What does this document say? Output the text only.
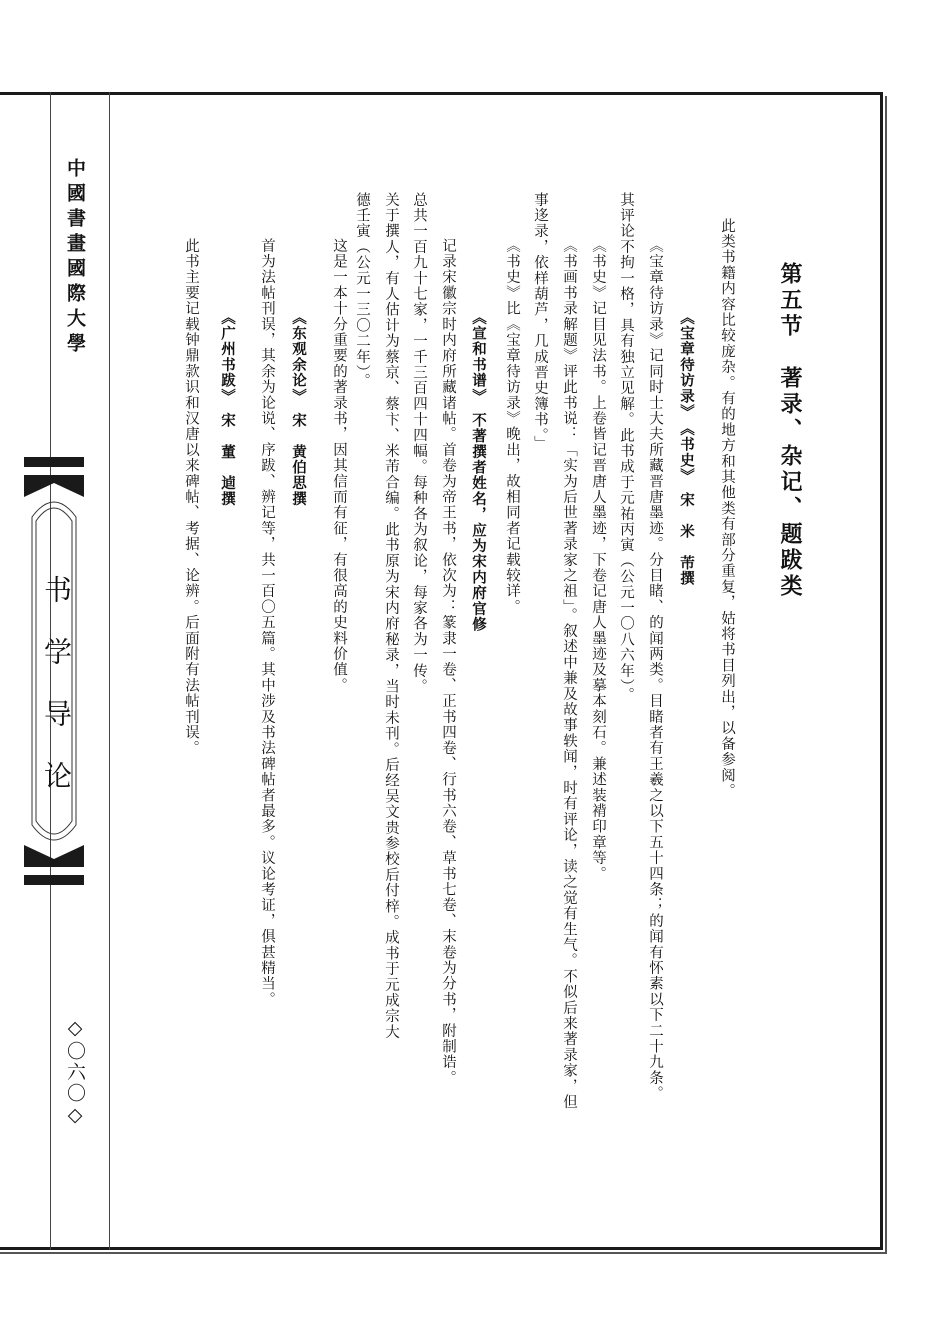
中國書畫國際大學
书学导论
◇〇六〇◇
第五节　著录、杂记、题跋类
此类书籍内容比较庞杂。有的地方和其他类有部分重复，姑将书目列出，以备参阅。
《宝章待访录》　《书史》　宋　米　芾撰
《宝章待访录》记同时士大夫所藏晋唐墨迹。分目睹、的闻两类。目睹者有王羲之以下五十四条；的闻有怀素以下二十九条。
其评论不拘一格，具有独立见解。此书成于元祐丙寅（公元一〇八六年）。
《书史》记目见法书。上卷皆记晋唐人墨迹，下卷记唐人墨迹及摹本刻石。兼述装褙印章等。
《书画书录解题》评此书说：「实为后世著录家之祖」。叙述中兼及故事轶闻，时有评论，读之觉有生气。不似后来著录家，但
事迻录，依样葫芦，几成晋史簿书。」
《书史》比《宝章待访录》晚出，故相同者记载较详。
《宣和书谱》　不著撰者姓名，应为宋内府官修
记录宋徽宗时内府所藏诸帖。首卷为帝王书，依次为：篆隶一卷、正书四卷、行书六卷、草书七卷、末卷为分书，附制诰。
总共一百九十七家，一千三百四十四幅。每种各为叙论，每家各为一传。
关于撰人，有人估计为蔡京、蔡卞、米芾合编。此书原为宋内府秘录，当时未刊。后经吴文贵参校后付梓。成书于元成宗大
德壬寅（公元一三〇二年）。
这是一本十分重要的著录书，因其信而有征，有很高的史料价值。
《东观余论》　宋　黄伯思撰
首为法帖刊误，其余为论说、序跋、辨记等，共一百〇五篇。其中涉及书法碑帖者最多。议论考证，俱甚精当。
《广州书跋》　宋　董　逌撰
此书主要记载钟鼎款识和汉唐以来碑帖、考据、论辨。后面附有法帖刊误。
